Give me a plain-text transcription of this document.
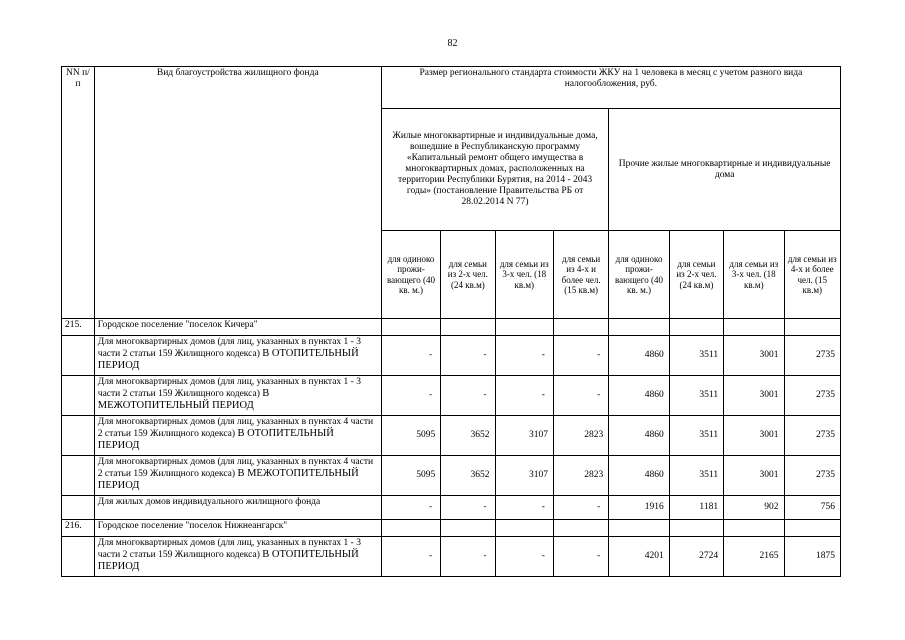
82
NN п/п	Вид благоустройства жилищного фонда	Размер регионального стандарта стоимости ЖКУ на 1 человека в месяц с учетом разного вида налогообложения, руб.							
		Жилые многоквартирные и индивидуальные дома, вошедшие в Республиканскую программу «Капитальный ремонт общего имущества в многоквартирных домах, расположенных на территории Республики Бурятия, на 2014 - 2043 годы» (постановление Правительства РБ от 28.02.2014 N 77)				Прочие жилые многоквартирные и индивидуальные дома			
		для одиноко прожи-вающего (40 кв. м.)	для семьи из 2-х чел. (24 кв.м)	для семьи из 3-х чел. (18 кв.м)	для семьи из 4-х и более чел. (15 кв.м)	для одиноко прожи-вающего (40 кв. м.)	для семьи из 2-х чел. (24 кв.м)	для семьи из 3-х чел. (18 кв.м)	для семьи из 4-х и более чел. (15 кв.м)
215.	Городское поселение "поселок Кичера"								
	Для многоквартирных домов (для лиц, указанных в пунктах 1 - 3 части 2 статьи 159 Жилищного кодекса) В ОТОПИТЕЛЬНЫЙ ПЕРИОД	-	-	-	-	4860	3511	3001	2735
	Для многоквартирных домов (для лиц, указанных в пунктах 1 - 3 части 2 статьи 159 Жилищного кодекса) В МЕЖОТОПИТЕЛЬНЫЙ ПЕРИОД	-	-	-	-	4860	3511	3001	2735
	Для многоквартирных домов (для лиц, указанных в пунктах 4 части 2 статьи 159 Жилищного кодекса) В ОТОПИТЕЛЬНЫЙ ПЕРИОД	5095	3652	3107	2823	4860	3511	3001	2735
	Для многоквартирных домов (для лиц, указанных в пунктах 4 части 2 статьи 159 Жилищного кодекса) В МЕЖОТОПИТЕЛЬНЫЙ ПЕРИОД	5095	3652	3107	2823	4860	3511	3001	2735
	Для жилых домов индивидуального жилищного фонда	-	-	-	-	1916	1181	902	756
216.	Городское поселение "поселок Нижнеангарск"								
	Для многоквартирных домов (для лиц, указанных в пунктах 1 - 3 части 2 статьи 159 Жилищного кодекса) В ОТОПИТЕЛЬНЫЙ ПЕРИОД	-	-	-	-	4201	2724	2165	1875
